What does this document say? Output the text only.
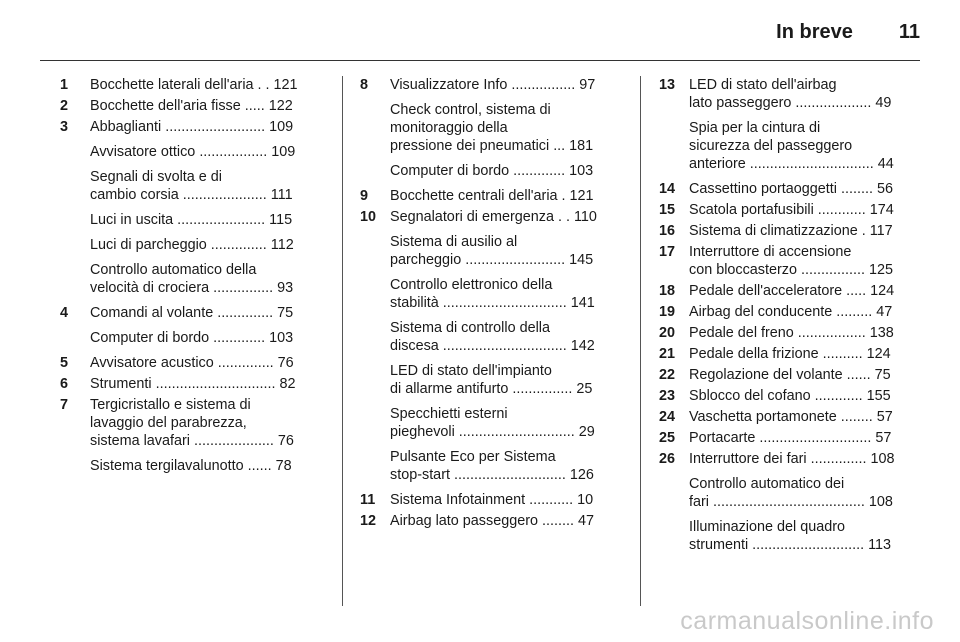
In breve 11
1	Bocchette laterali dell'aria . . 121
2	Bocchette dell'aria fisse ..... 122
3	Abbaglianti ......................... 109
Avvisatore ottico ................. 109
Segnali di svolta e di
cambio corsia ..................... 111
Luci in uscita ...................... 115
Luci di parcheggio .............. 112
Controllo automatico della
velocità di crociera ............... 93
4	Comandi al volante .............. 75
Computer di bordo ............. 103
5	Avvisatore acustico .............. 76
6	Strumenti .............................. 82
7	Tergicristallo e sistema di
lavaggio del parabrezza,
sistema lavafari .................... 76
Sistema tergilavalunotto ...... 78
8	Visualizzatore Info ................ 97
Check control, sistema di
monitoraggio della
pressione dei pneumatici ... 181
Computer di bordo ............. 103
9	Bocchette centrali dell'aria . 121
10 Segnalatori di emergenza . . 110
Sistema di ausilio al
parcheggio ......................... 145
Controllo elettronico della
stabilità ............................... 141
Sistema di controllo della
discesa ............................... 142
LED di stato dell'impianto
di allarme antifurto ............... 25
Specchietti esterni
pieghevoli ............................. 29
Pulsante Eco per Sistema
stop-start ............................ 126
11	Sistema Infotainment ........... 10
12 Airbag lato passeggero ........ 47
13 LED di stato dell'airbag
lato passeggero ................... 49
Spia per la cintura di
sicurezza del passeggero
anteriore ............................... 44
14 Cassettino portaoggetti ........ 56
15 Scatola portafusibili ............ 174
16 Sistema di climatizzazione . 117
17 Interruttore di accensione
con bloccasterzo ................ 125
18 Pedale dell'acceleratore ..... 124
19 Airbag del conducente ......... 47
20 Pedale del freno ................. 138
21 Pedale della frizione .......... 124
22 Regolazione del volante ...... 75
23 Sblocco del cofano ............ 155
24 Vaschetta portamonete ........ 57
25 Portacarte ............................ 57
26 Interruttore dei fari .............. 108
Controllo automatico dei
fari ...................................... 108
Illuminazione del quadro
strumenti ............................ 113
carmanualsonline.info
